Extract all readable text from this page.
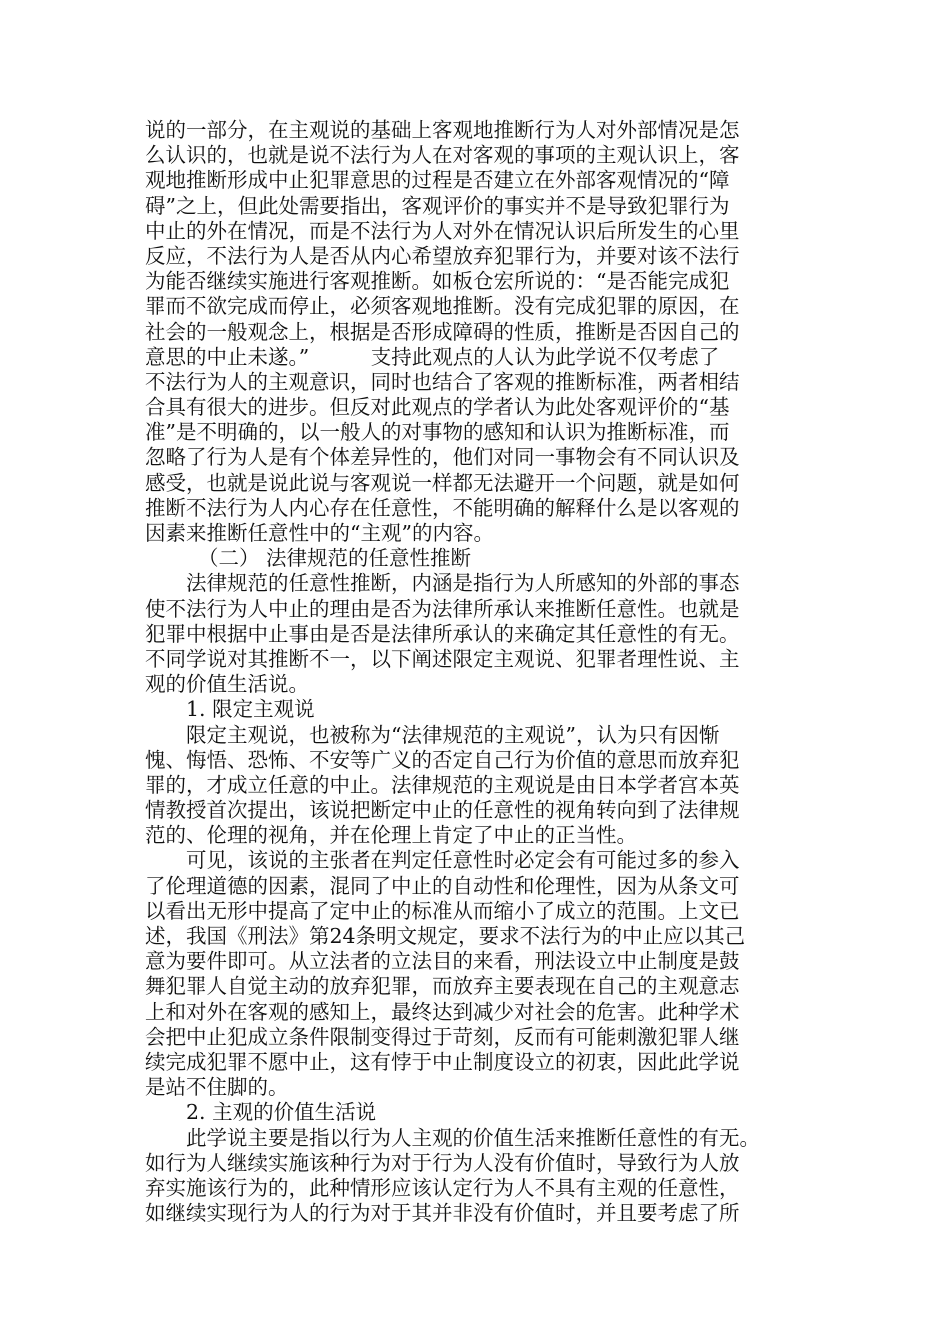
说的一部分，在主观说的基础上客观地推断行为人对外部情况是怎
么认识的，也就是说不法行为人在对客观的事项的主观认识上，客
观地推断形成中止犯罪意思的过程是否建立在外部客观情况的“障
碍”之上，但此处需要指出，客观评价的事实并不是导致犯罪行为
中止的外在情况，而是不法行为人对外在情况认识后所发生的心里
反应，不法行为人是否从内心希望放弃犯罪行为，并要对该不法行
为能否继续实施进行客观推断。如板仓宏所说的：“是否能完成犯
罪而不欲完成而停止，必须客观地推断。没有完成犯罪的原因，在
社会的一般观念上，根据是否形成障碍的性质，推断是否因自己的
意思的中止未遂。”　　　支持此观点的人认为此学说不仅考虑了
不法行为人的主观意识，同时也结合了客观的推断标准，两者相结
合具有很大的进步。但反对此观点的学者认为此处客观评价的“基
准”是不明确的，以一般人的对事物的感知和认识为推断标准，而
忽略了行为人是有个体差异性的，他们对同一事物会有不同认识及
感受，也就是说此说与客观说一样都无法避开一个问题，就是如何
推断不法行为人内心存在任意性，不能明确的解释什么是以客观的
因素来推断任意性中的“主观”的内容。
（二） 法律规范的任意性推断
法律规范的任意性推断，内涵是指行为人所感知的外部的事态
使不法行为人中止的理由是否为法律所承认来推断任意性。也就是
犯罪中根据中止事由是否是法律所承认的来确定其任意性的有无。
不同学说对其推断不一，以下阐述限定主观说、犯罪者理性说、主
观的价值生活说。
1. 限定主观说
限定主观说，也被称为“法律规范的主观说”，认为只有因惭
愧、悔悟、恐怖、不安等广义的否定自己行为价值的意思而放弃犯
罪的，才成立任意的中止。法律规范的主观说是由日本学者宫本英
情教授首次提出，该说把断定中止的任意性的视角转向到了法律规
范的、伦理的视角，并在伦理上肯定了中止的正当性。
可见，该说的主张者在判定任意性时必定会有可能过多的参入
了伦理道德的因素，混同了中止的自动性和伦理性，因为从条文可
以看出无形中提高了定中止的标准从而缩小了成立的范围。上文已
述，我国《刑法》第24条明文规定，要求不法行为的中止应以其己
意为要件即可。从立法者的立法目的来看，刑法设立中止制度是鼓
舞犯罪人自觉主动的放弃犯罪，而放弃主要表现在自己的主观意志
上和对外在客观的感知上，最终达到减少对社会的危害。此种学术
会把中止犯成立条件限制变得过于苛刻，反而有可能刺激犯罪人继
续完成犯罪不愿中止，这有悖于中止制度设立的初衷，因此此学说
是站不住脚的。
2. 主观的价值生活说
此学说主要是指以行为人主观的价值生活来推断任意性的有无。
如行为人继续实施该种行为对于行为人没有价值时，导致行为人放
弃实施该行为的，此种情形应该认定行为人不具有主观的任意性，
如继续实现行为人的行为对于其并非没有价值时，并且要考虑了所
